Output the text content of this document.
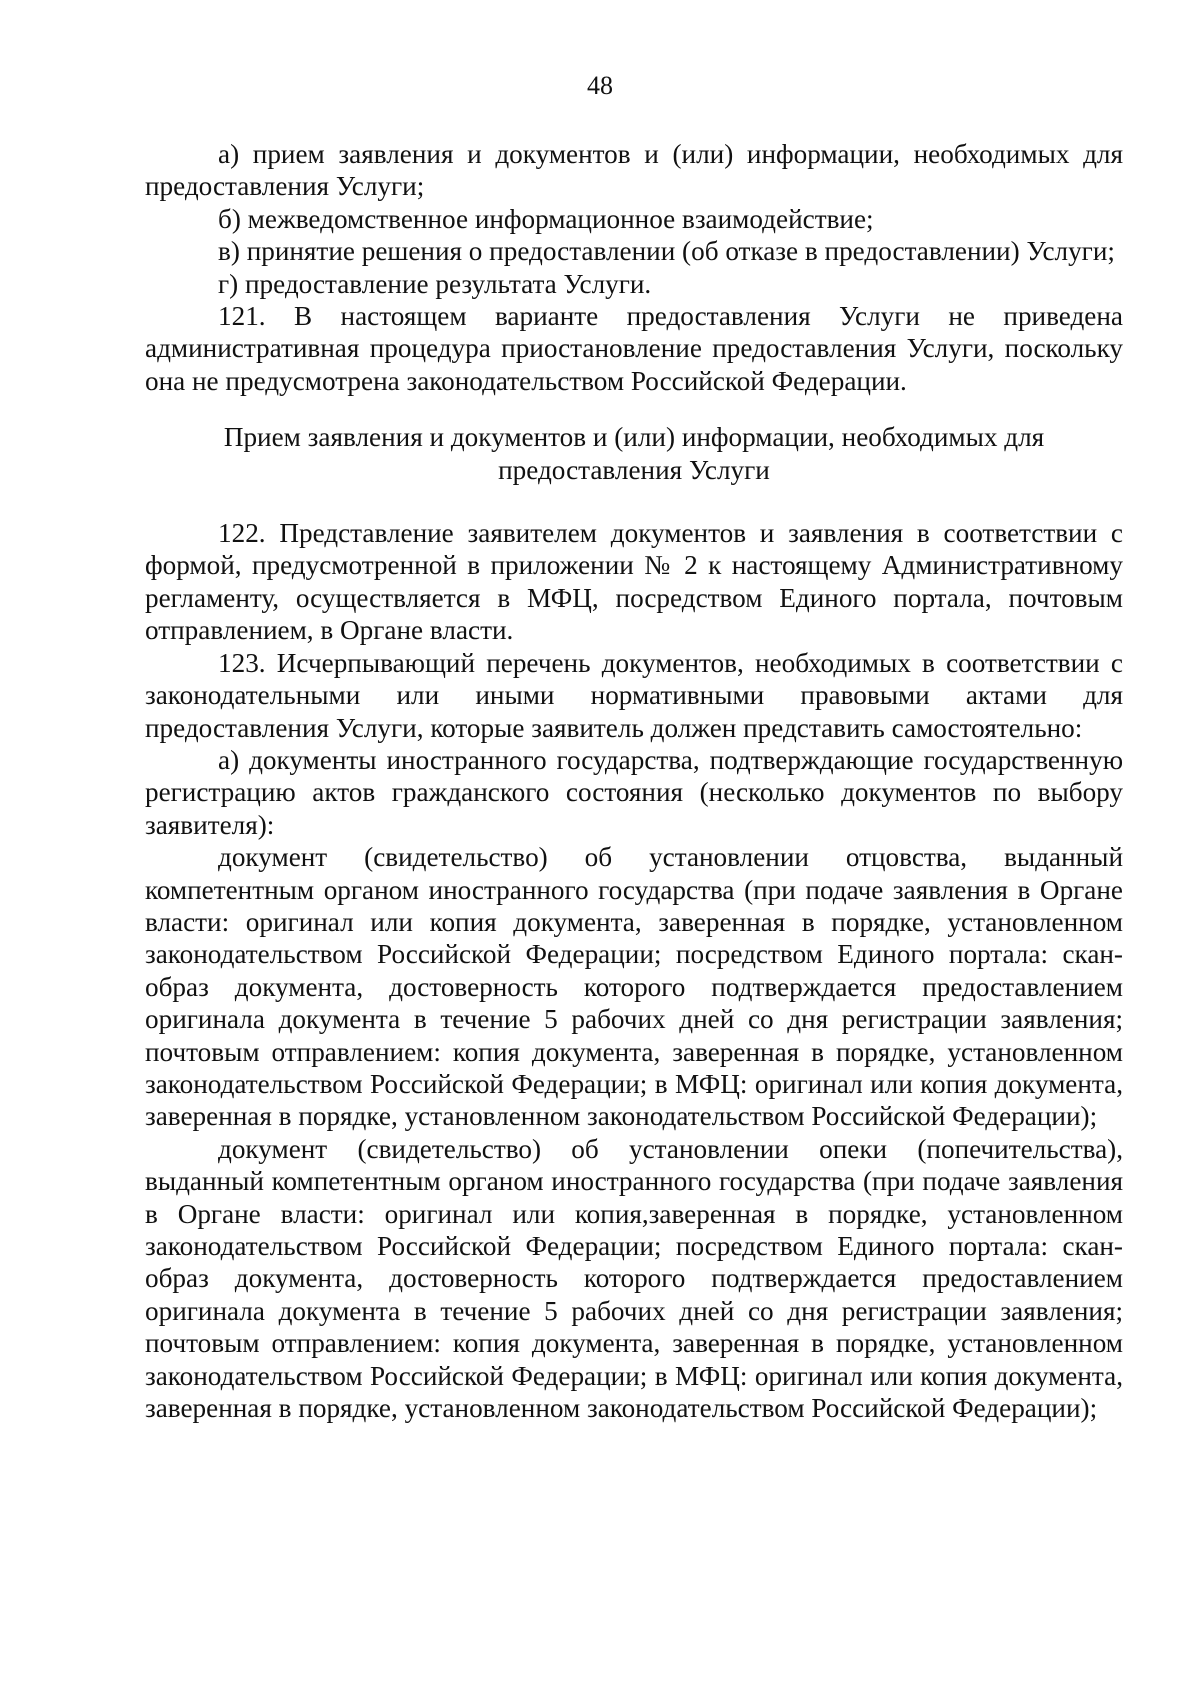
48

а) прием заявления и документов и (или) информации, необходимых для предоставления Услуги;

б) межведомственное информационное взаимодействие;

в) принятие решения о предоставлении (об отказе в предоставлении) Услуги;

г) предоставление результата Услуги.

121. В настоящем варианте предоставления Услуги не приведена административная процедура приостановление предоставления Услуги, поскольку она не предусмотрена законодательством Российской Федерации.

Прием заявления и документов и (или) информации, необходимых для предоставления Услуги

122. Представление заявителем документов и заявления в соответствии с формой, предусмотренной в приложении № 2 к настоящему Административному регламенту, осуществляется в МФЦ, посредством Единого портала, почтовым отправлением, в Органе власти.

123. Исчерпывающий перечень документов, необходимых в соответствии с законодательными или иными нормативными правовыми актами для предоставления Услуги, которые заявитель должен представить самостоятельно:

а) документы иностранного государства, подтверждающие государственную регистрацию актов гражданского состояния (несколько документов по выбору заявителя):

документ (свидетельство) об установлении отцовства, выданный компетентным органом иностранного государства (при подаче заявления в Органе власти: оригинал или копия документа, заверенная в порядке, установленном законодательством Российской Федерации; посредством Единого портала: скан-образ документа, достоверность которого подтверждается предоставлением оригинала документа в течение 5 рабочих дней со дня регистрации заявления; почтовым отправлением: копия документа, заверенная в порядке, установленном законодательством Российской Федерации; в МФЦ: оригинал или копия документа, заверенная в порядке, установленном законодательством Российской Федерации);

документ (свидетельство) об установлении опеки (попечительства), выданный компетентным органом иностранного государства (при подаче заявления в Органе власти: оригинал или копия,заверенная в порядке, установленном законодательством Российской Федерации; посредством Единого портала: скан-образ документа, достоверность которого подтверждается предоставлением оригинала документа в течение 5 рабочих дней со дня регистрации заявления; почтовым отправлением: копия документа, заверенная в порядке, установленном законодательством Российской Федерации; в МФЦ: оригинал или копия документа, заверенная в порядке, установленном законодательством Российской Федерации);
